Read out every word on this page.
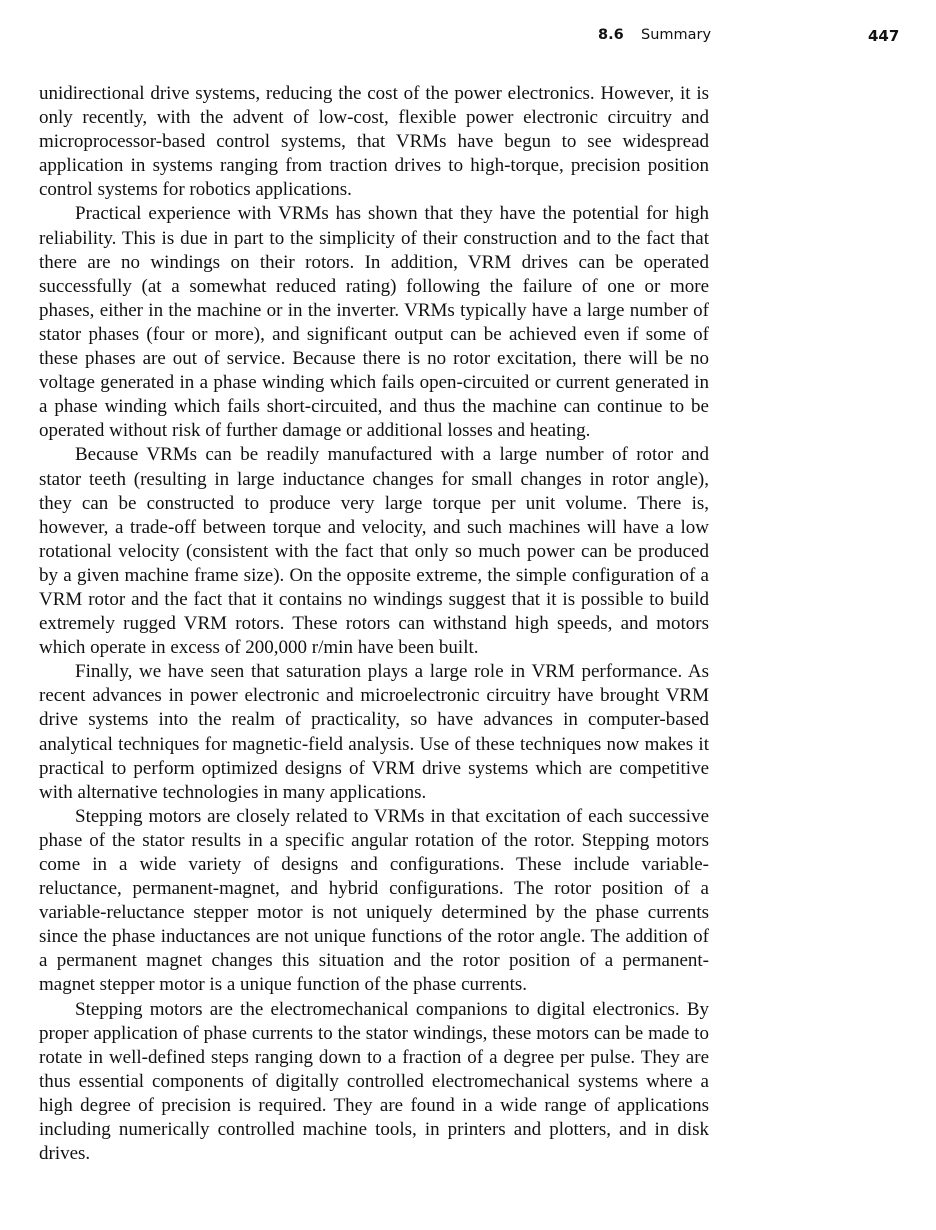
8.6 Summary	447

unidirectional drive systems, reducing the cost of the power electronics. However, it is only recently, with the advent of low-cost, flexible power electronic circuitry and microprocessor-based control systems, that VRMs have begun to see widespread application in systems ranging from traction drives to high-torque, precision position control systems for robotics applications.

Practical experience with VRMs has shown that they have the potential for high reliability. This is due in part to the simplicity of their construction and to the fact that there are no windings on their rotors. In addition, VRM drives can be operated successfully (at a somewhat reduced rating) following the failure of one or more phases, either in the machine or in the inverter. VRMs typically have a large number of stator phases (four or more), and significant output can be achieved even if some of these phases are out of service. Because there is no rotor excitation, there will be no voltage generated in a phase winding which fails open-circuited or current generated in a phase winding which fails short-circuited, and thus the machine can continue to be operated without risk of further damage or additional losses and heating.

Because VRMs can be readily manufactured with a large number of rotor and stator teeth (resulting in large inductance changes for small changes in rotor angle), they can be constructed to produce very large torque per unit volume. There is, however, a trade-off between torque and velocity, and such machines will have a low rotational velocity (consistent with the fact that only so much power can be produced by a given machine frame size). On the opposite extreme, the simple configuration of a VRM rotor and the fact that it contains no windings suggest that it is possible to build extremely rugged VRM rotors. These rotors can withstand high speeds, and motors which operate in excess of 200,000 r/min have been built.

Finally, we have seen that saturation plays a large role in VRM performance. As recent advances in power electronic and microelectronic circuitry have brought VRM drive systems into the realm of practicality, so have advances in computer-based analytical techniques for magnetic-field analysis. Use of these techniques now makes it practical to perform optimized designs of VRM drive systems which are competitive with alternative technologies in many applications.

Stepping motors are closely related to VRMs in that excitation of each successive phase of the stator results in a specific angular rotation of the rotor. Stepping motors come in a wide variety of designs and configurations. These include variable-reluctance, permanent-magnet, and hybrid configurations. The rotor position of a variable-reluctance stepper motor is not uniquely determined by the phase currents since the phase inductances are not unique functions of the rotor angle. The addition of a permanent magnet changes this situation and the rotor position of a permanent-magnet stepper motor is a unique function of the phase currents.

Stepping motors are the electromechanical companions to digital electronics. By proper application of phase currents to the stator windings, these motors can be made to rotate in well-defined steps ranging down to a fraction of a degree per pulse. They are thus essential components of digitally controlled electromechanical systems where a high degree of precision is required. They are found in a wide range of applications including numerically controlled machine tools, in printers and plotters, and in disk drives.
